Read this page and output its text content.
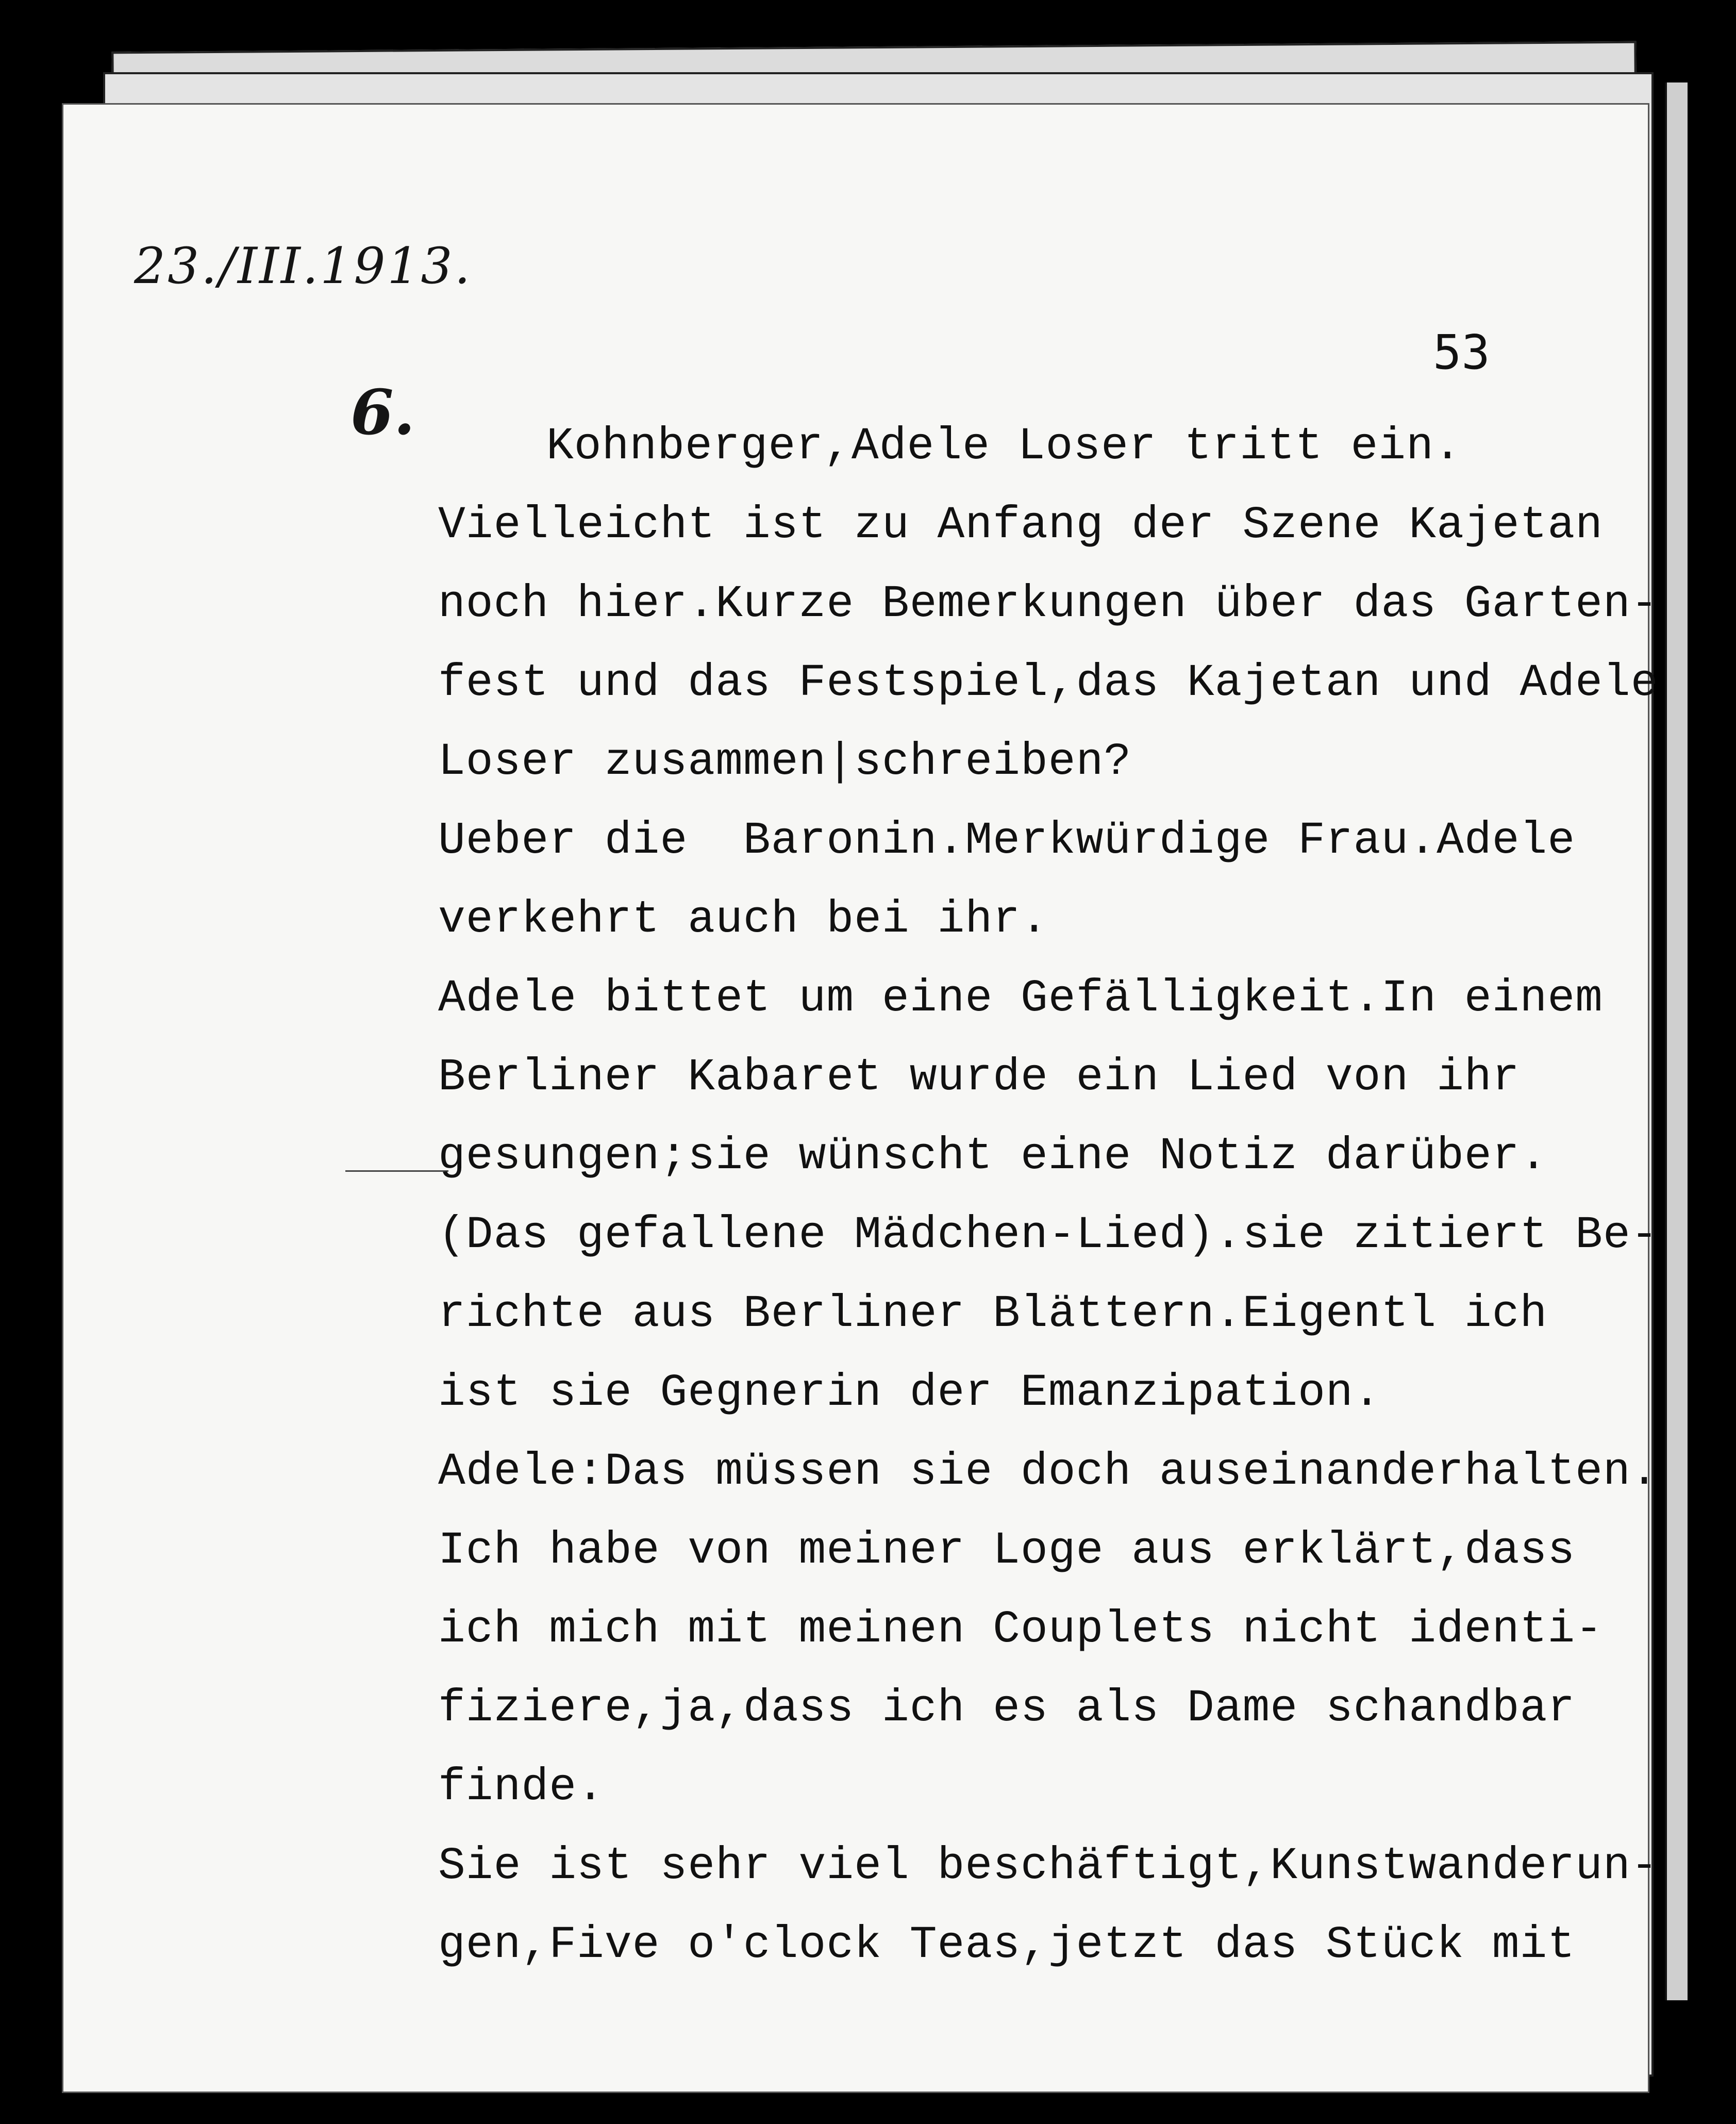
23./III.1913.
6.
53
Kohnberger,Adele Loser tritt ein.
Vielleicht ist zu Anfang der Szene Kajetan
noch hier.Kurze Bemerkungen über das Garten-
fest und das Festspiel,das Kajetan und Adele
Loser zusammen|schreiben?
Ueber die  Baronin.Merkwürdige Frau.Adele
verkehrt auch bei ihr.
Adele bittet um eine Gefälligkeit.In einem
Berliner Kabaret wurde ein Lied von ihr
gesungen;sie wünscht eine Notiz darüber.
(Das gefallene Mädchen-Lied).sie zitiert Be-
richte aus Berliner Blättern.Eigentl ich
ist sie Gegnerin der Emanzipation.
Adele:Das müssen sie doch auseinanderhalten.
Ich habe von meiner Loge aus erklärt,dass
ich mich mit meinen Couplets nicht identi-
fiziere,ja,dass ich es als Dame schandbar
finde.
Sie ist sehr viel beschäftigt,Kunstwanderun-
gen,Five o'clock Teas,jetzt das Stück mit
